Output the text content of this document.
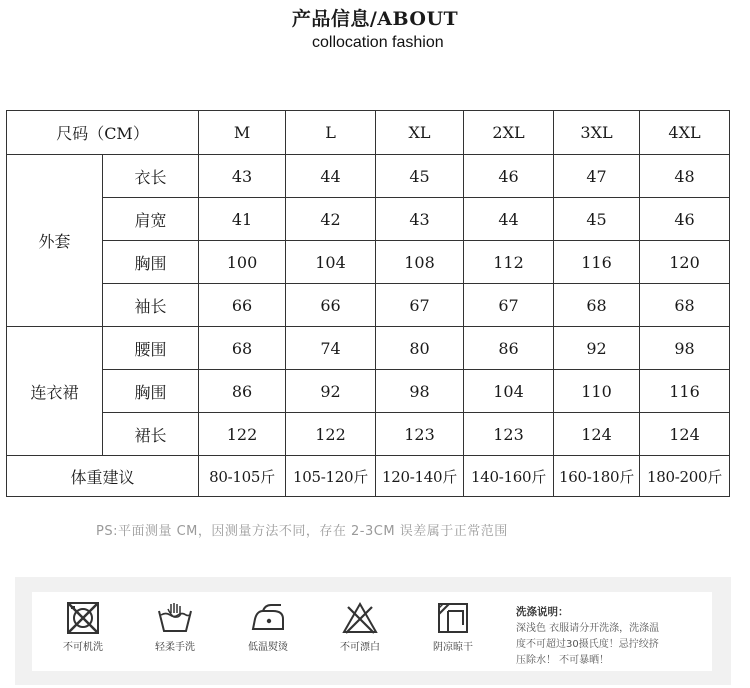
产品信息/ABOUT
collocation fashion
尺码（CM）		M	L	XL	2XL	3XL	4XL
外套	衣长	43	44	45	46	47	48
	肩宽	41	42	43	44	45	46
	胸围	100	104	108	112	116	120
	袖长	66	66	67	67	68	68
连衣裙	腰围	68	74	80	86	92	98
	胸围	86	92	98	104	110	116
	裙长	122	122	123	123	124	124
体重建议		80-105斤	105-120斤	120-140斤	140-160斤	160-180斤	180-200斤
PS:平面测量 CM，因测量方法不同，存在 2-3CM 误差属于正常范围
不可机洗	轻柔手洗	低温熨烫	不可漂白	阴凉晾干
洗涤说明：
深浅色 衣服请分开洗涤，洗涤温
度不可超过30摄氏度！忌拧绞挤
压除水！ 不可暴晒！
